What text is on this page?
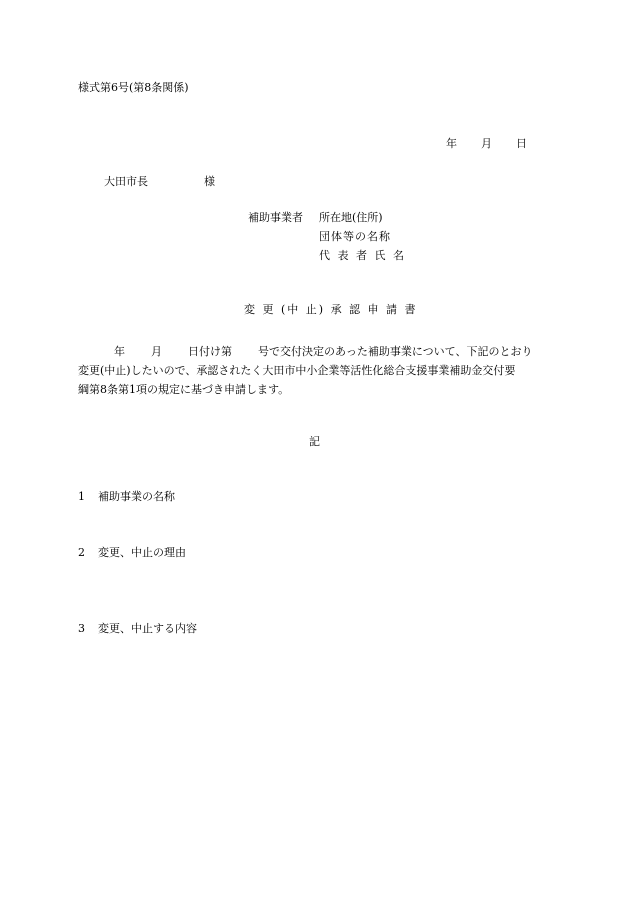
様式第6号(第8条関係)
年 月 日
大田市長	様
補助事業者 所在地(住所)
団体等の名称
代 表 者 氏 名
変 更 (中 止) 承 認 申 請 書
年 月 日付け第 号で交付決定のあった補助事業について、下記のとおり
変更(中止)したいので、承認されたく大田市中小企業等活性化総合支援事業補助金交付要
綱第8条第1項の規定に基づき申請します。
記
1 補助事業の名称
2 変更、中止の理由
3 変更、中止する内容
